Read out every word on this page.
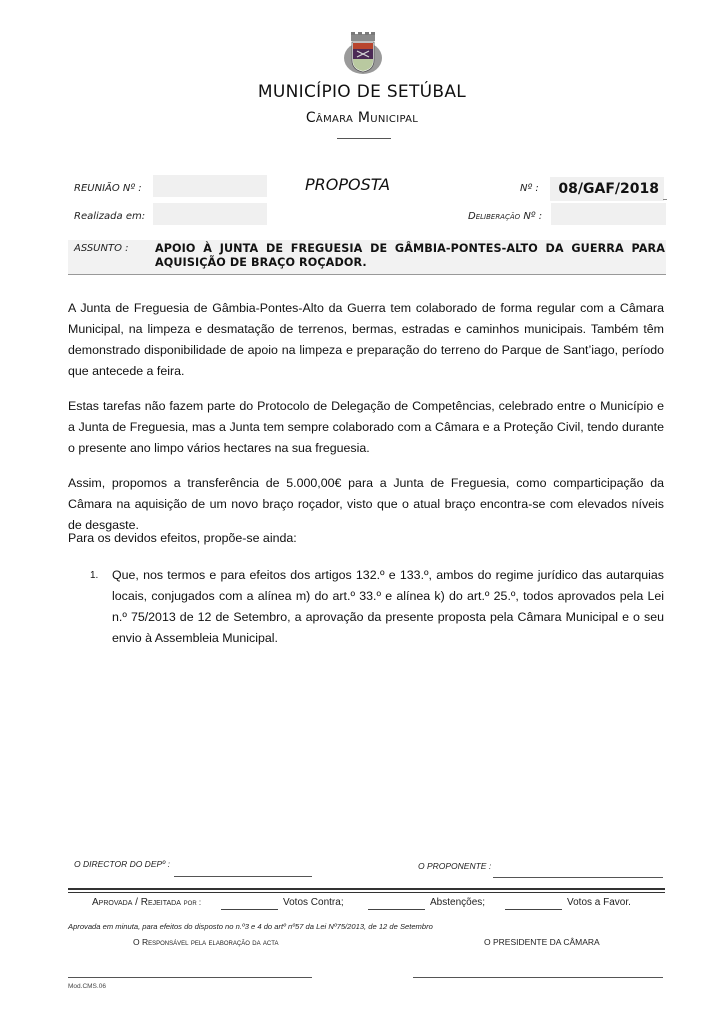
MUNICÍPIO DE SETÚBAL
Câmara Municipal
REUNIÃO Nº :	PROPOSTA	Nº :	08/GAF/2018
Realizada em:	Deliberação Nº :
ASSUNTO : APOIO À JUNTA DE FREGUESIA DE GÂMBIA-PONTES-ALTO DA GUERRA PARA AQUISIÇÃO DE BRAÇO ROÇADOR.
A Junta de Freguesia de Gâmbia-Pontes-Alto da Guerra tem colaborado de forma regular com a Câmara Municipal, na limpeza e desmatação de terrenos, bermas, estradas e caminhos municipais. Também têm demonstrado disponibilidade de apoio na limpeza e preparação do terreno do Parque de Sant’iago, período que antecede a feira.
Estas tarefas não fazem parte do Protocolo de Delegação de Competências, celebrado entre o Município e a Junta de Freguesia, mas a Junta tem sempre colaborado com a Câmara e a Proteção Civil, tendo durante o presente ano limpo vários hectares na sua freguesia.
Assim, propomos a transferência de 5.000,00€ para a Junta de Freguesia, como comparticipação da Câmara na aquisição de um novo braço roçador, visto que o atual braço encontra-se com elevados níveis de desgaste.
Para os devidos efeitos, propõe-se ainda:
1. Que, nos termos e para efeitos dos artigos 132.º e 133.º, ambos do regime jurídico das autarquias locais, conjugados com a alínea m) do art.º 33.º e alínea k) do art.º 25.º, todos aprovados pela Lei n.º 75/2013 de 12 de Setembro, a aprovação da presente proposta pela Câmara Municipal e o seu envio à Assembleia Municipal.
O DIRECTOR DO DEPº :	O PROPONENTE :
Aprovada / Rejeitada por :	Votos Contra;	Abstenções;	Votos a Favor.
Aprovada em minuta, para efeitos do disposto no n.º3 e 4 do artº nº57 da Lei Nº75/2013, de 12 de Setembro
O Responsável pela elaboração da acta	O PRESIDENTE DA CÂMARA
Mod.CMS.06
